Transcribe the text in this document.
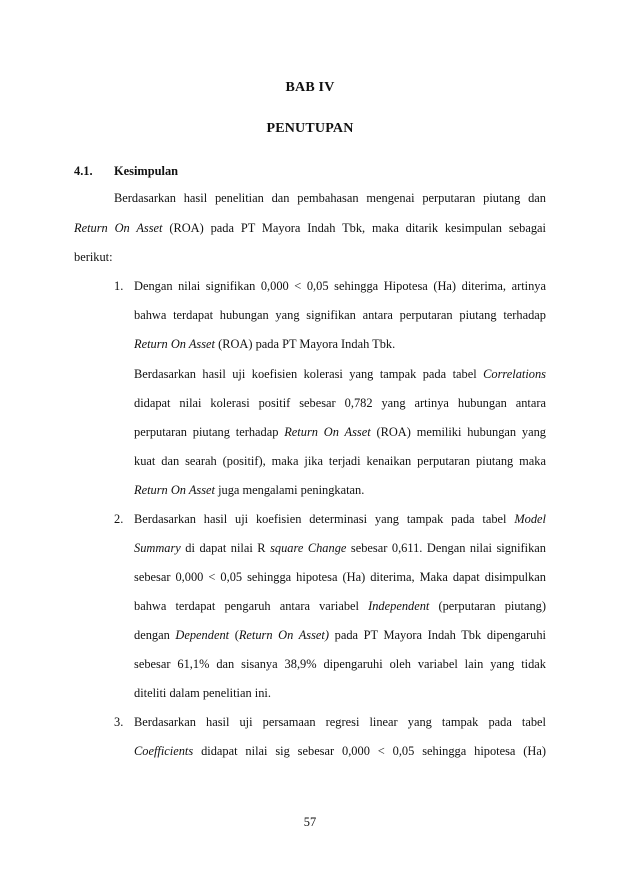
BAB IV
PENUTUPAN
4.1. Kesimpulan
Berdasarkan hasil penelitian dan pembahasan mengenai perputaran piutang dan
Return On Asset (ROA) pada PT Mayora Indah Tbk, maka ditarik kesimpulan sebagai
berikut:
1. Dengan nilai signifikan 0,000 < 0,05 sehingga Hipotesa (Ha) diterima, artinya
bahwa terdapat hubungan yang signifikan antara perputaran piutang terhadap
Return On Asset (ROA) pada PT Mayora Indah Tbk.
Berdasarkan hasil uji koefisien kolerasi yang tampak pada tabel Correlations
didapat nilai kolerasi positif sebesar 0,782 yang artinya hubungan antara
perputaran piutang terhadap Return On Asset (ROA) memiliki hubungan yang
kuat dan searah (positif), maka jika terjadi kenaikan perputaran piutang maka
Return On Asset juga mengalami peningkatan.
2. Berdasarkan hasil uji koefisien determinasi yang tampak pada tabel Model
Summary di dapat nilai R square Change sebesar 0,611. Dengan nilai signifikan
sebesar 0,000 < 0,05 sehingga hipotesa (Ha) diterima, Maka dapat disimpulkan
bahwa terdapat pengaruh antara variabel Independent (perputaran piutang)
dengan Dependent (Return On Asset) pada PT Mayora Indah Tbk dipengaruhi
sebesar 61,1% dan sisanya 38,9% dipengaruhi oleh variabel lain yang tidak
diteliti dalam penelitian ini.
3. Berdasarkan hasil uji persamaan regresi linear yang tampak pada tabel
Coefficients didapat nilai sig sebesar 0,000 < 0,05 sehingga hipotesa (Ha)
57
